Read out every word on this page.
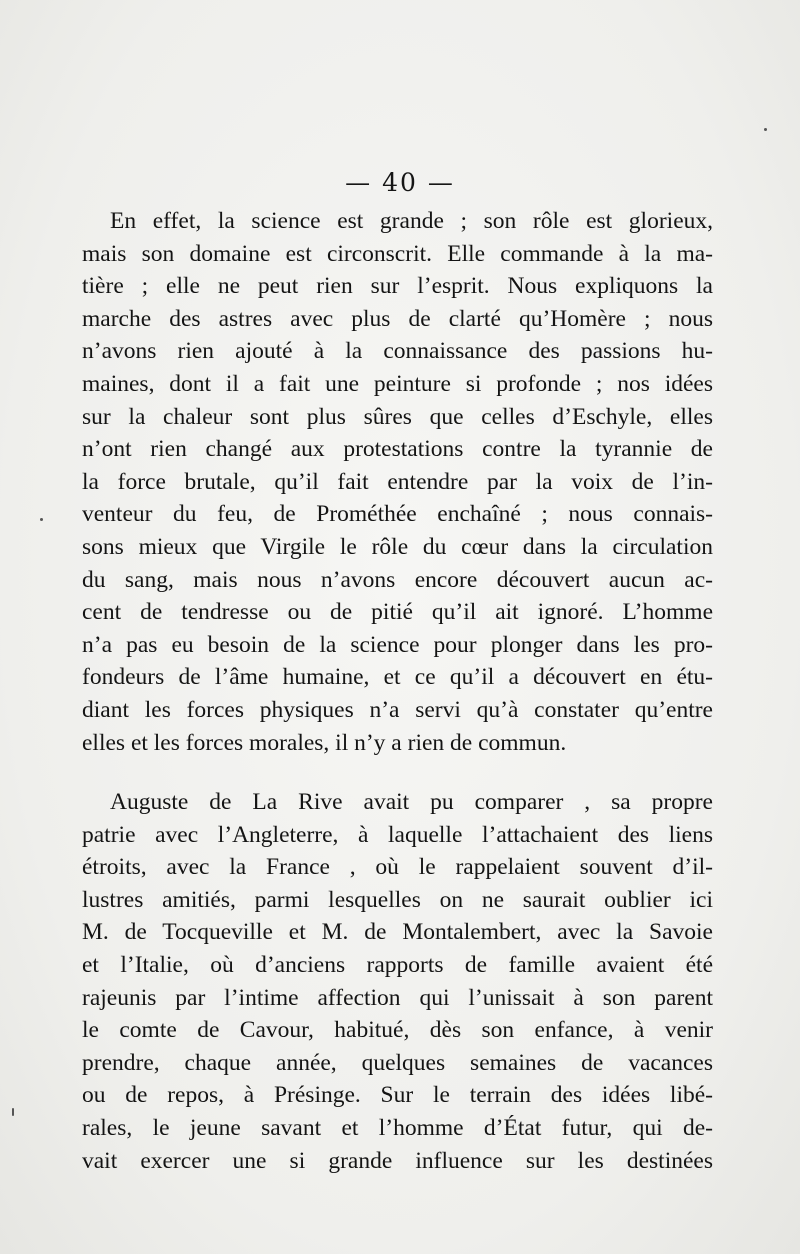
— 40 —
En effet, la science est grande ; son rôle est glorieux,
mais son domaine est circonscrit. Elle commande à la ma-
tière ; elle ne peut rien sur l’esprit. Nous expliquons la
marche des astres avec plus de clarté qu’Homère ; nous
n’avons rien ajouté à la connaissance des passions hu-
maines, dont il a fait une peinture si profonde ; nos idées
sur la chaleur sont plus sûres que celles d’Eschyle, elles
n’ont rien changé aux protestations contre la tyrannie de
la force brutale, qu’il fait entendre par la voix de l’in-
venteur du feu, de Prométhée enchaîné ; nous connais-
sons mieux que Virgile le rôle du cœur dans la circulation
du sang, mais nous n’avons encore découvert aucun ac-
cent de tendresse ou de pitié qu’il ait ignoré. L’homme
n’a pas eu besoin de la science pour plonger dans les pro-
fondeurs de l’âme humaine, et ce qu’il a découvert en étu-
diant les forces physiques n’a servi qu’à constater qu’entre
elles et les forces morales, il n’y a rien de commun.
Auguste de La Rive avait pu comparer , sa propre
patrie avec l’Angleterre, à laquelle l’attachaient des liens
étroits, avec la France , où le rappelaient souvent d’il-
lustres amitiés, parmi lesquelles on ne saurait oublier ici
M. de Tocqueville et M. de Montalembert, avec la Savoie
et l’Italie, où d’anciens rapports de famille avaient été
rajeunis par l’intime affection qui l’unissait à son parent
le comte de Cavour, habitué, dès son enfance, à venir
prendre, chaque année, quelques semaines de vacances
ou de repos, à Présinge. Sur le terrain des idées libé-
rales, le jeune savant et l’homme d’État futur, qui de-
vait exercer une si grande influence sur les destinées
